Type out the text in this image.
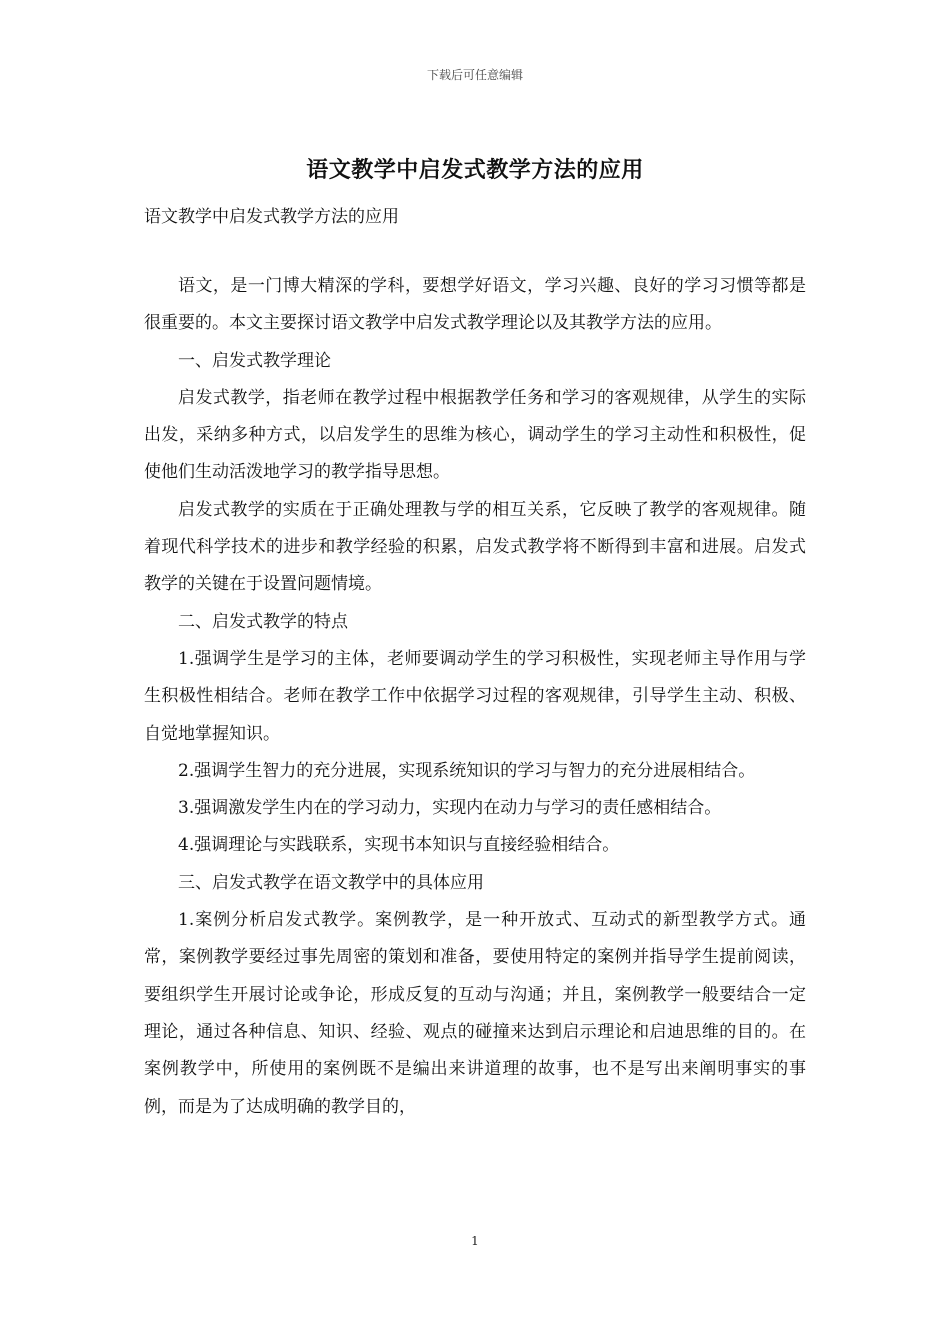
下载后可任意编辑
语文教学中启发式教学方法的应用
语文教学中启发式教学方法的应用

语文，是一门博大精深的学科，要想学好语文，学习兴趣、良好的学习习惯等都是很重要的。本文主要探讨语文教学中启发式教学理论以及其教学方法的应用。

一、启发式教学理论

启发式教学，指老师在教学过程中根据教学任务和学习的客观规律，从学生的实际出发，采纳多种方式，以启发学生的思维为核心，调动学生的学习主动性和积极性，促使他们生动活泼地学习的教学指导思想。

启发式教学的实质在于正确处理教与学的相互关系，它反映了教学的客观规律。随着现代科学技术的进步和教学经验的积累，启发式教学将不断得到丰富和进展。启发式教学的关键在于设置问题情境。

二、启发式教学的特点

1.强调学生是学习的主体，老师要调动学生的学习积极性，实现老师主导作用与学生积极性相结合。老师在教学工作中依据学习过程的客观规律，引导学生主动、积极、自觉地掌握知识。

2.强调学生智力的充分进展，实现系统知识的学习与智力的充分进展相结合。

3.强调激发学生内在的学习动力，实现内在动力与学习的责任感相结合。

4.强调理论与实践联系，实现书本知识与直接经验相结合。

三、启发式教学在语文教学中的具体应用

1.案例分析启发式教学。案例教学，是一种开放式、互动式的新型教学方式。通常，案例教学要经过事先周密的策划和准备，要使用特定的案例并指导学生提前阅读，要组织学生开展讨论或争论，形成反复的互动与沟通；并且，案例教学一般要结合一定理论，通过各种信息、知识、经验、观点的碰撞来达到启示理论和启迪思维的目的。在案例教学中，所使用的案例既不是编出来讲道理的故事，也不是写出来阐明事实的事例，而是为了达成明确的教学目的，

1
